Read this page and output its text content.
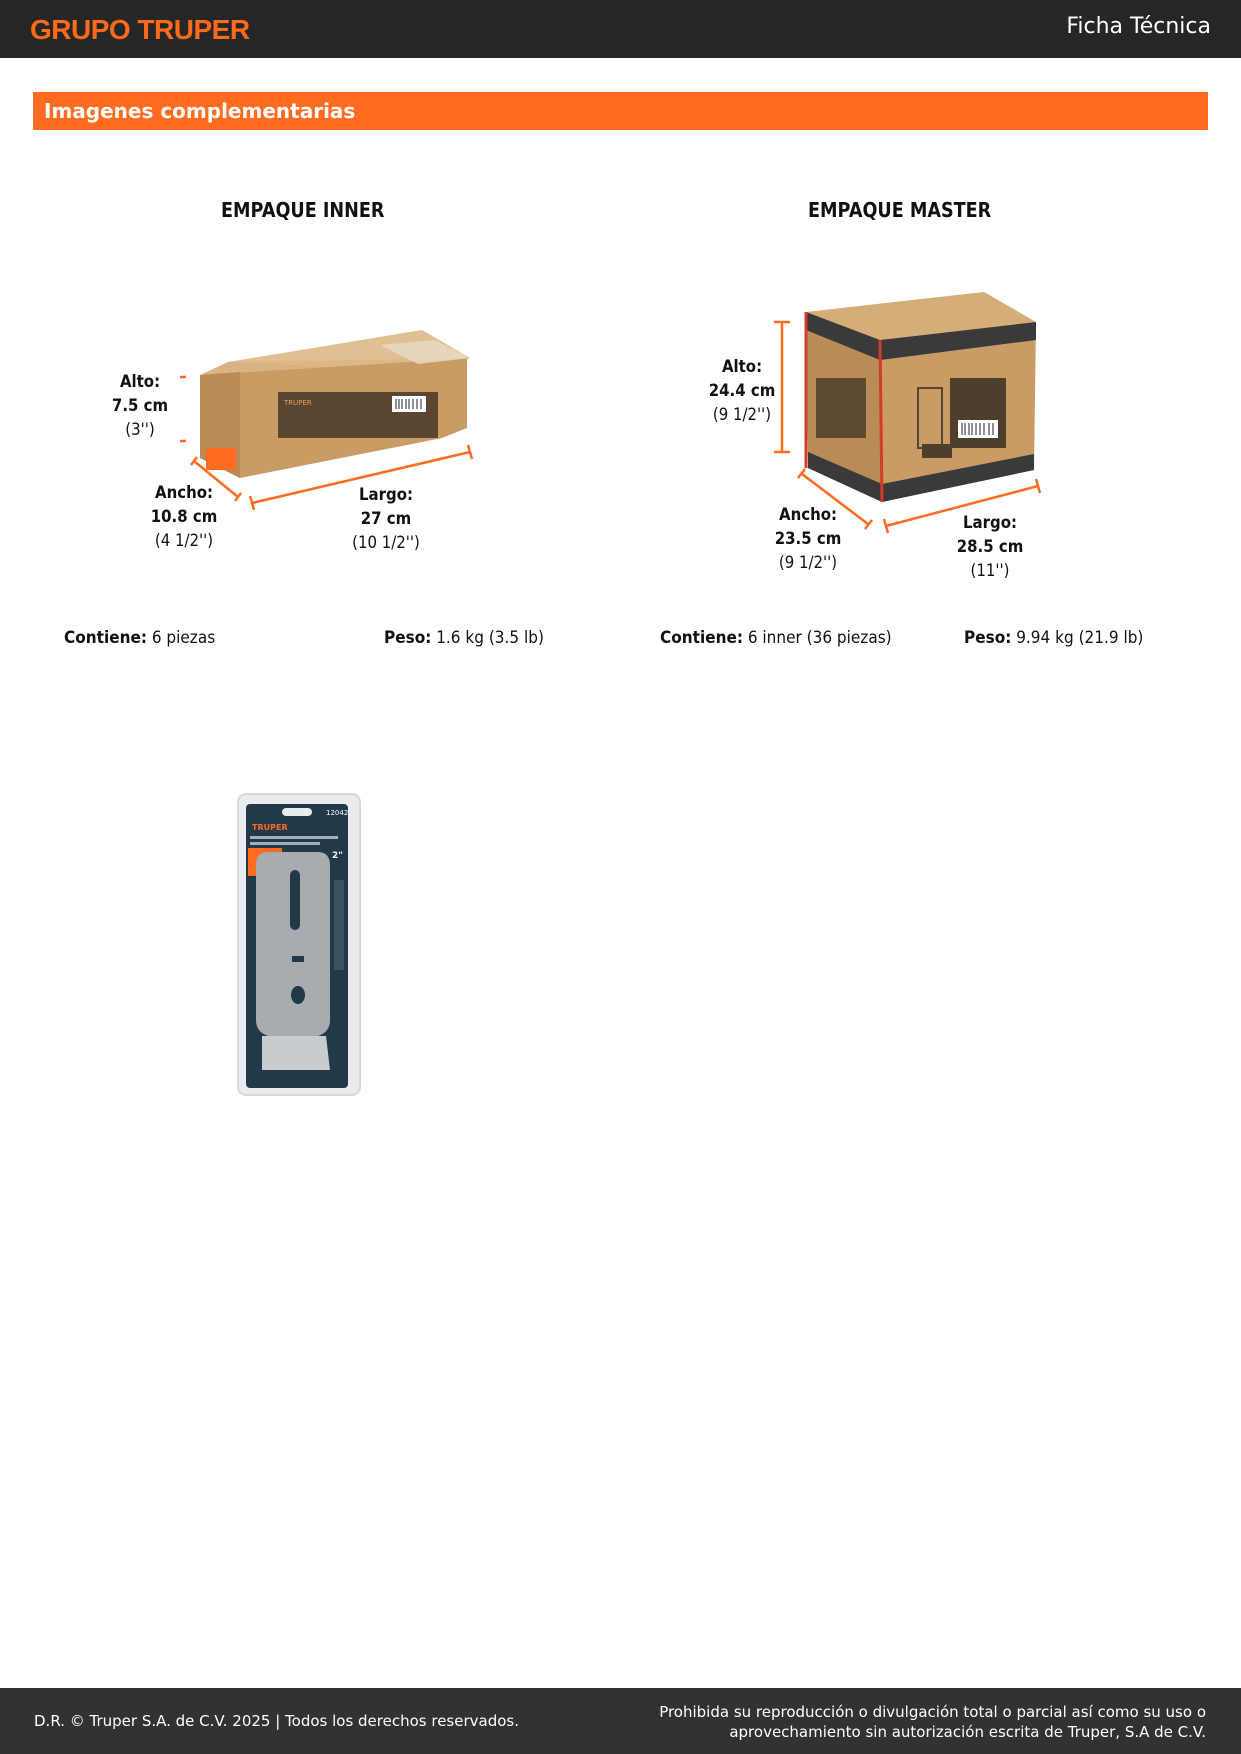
GRUPO TRUPER	Ficha Técnica
Imagenes complementarias
EMPAQUE INNER	EMPAQUE MASTER
TRUPER
Alto:
7.5 cm
(3'')
Ancho:
10.8 cm
(4 1/2'')
Largo:
27 cm
(10 1/2'')
Alto:
24.4 cm
(9 1/2'')
Ancho:
23.5 cm
(9 1/2'')
Largo:
28.5 cm
(11'')
Contiene: 6 piezas	Peso: 1.6 kg (3.5 lb)	Contiene: 6 inner (36 piezas)	Peso: 9.94 kg (21.9 lb)
TRUPER
12042
2"
D.R. © Truper S.A. de C.V. 2025 | Todos los derechos reservados.	Prohibida su reproducción o divulgación total o parcial así como su uso o
aprovechamiento sin autorización escrita de Truper, S.A de C.V.
